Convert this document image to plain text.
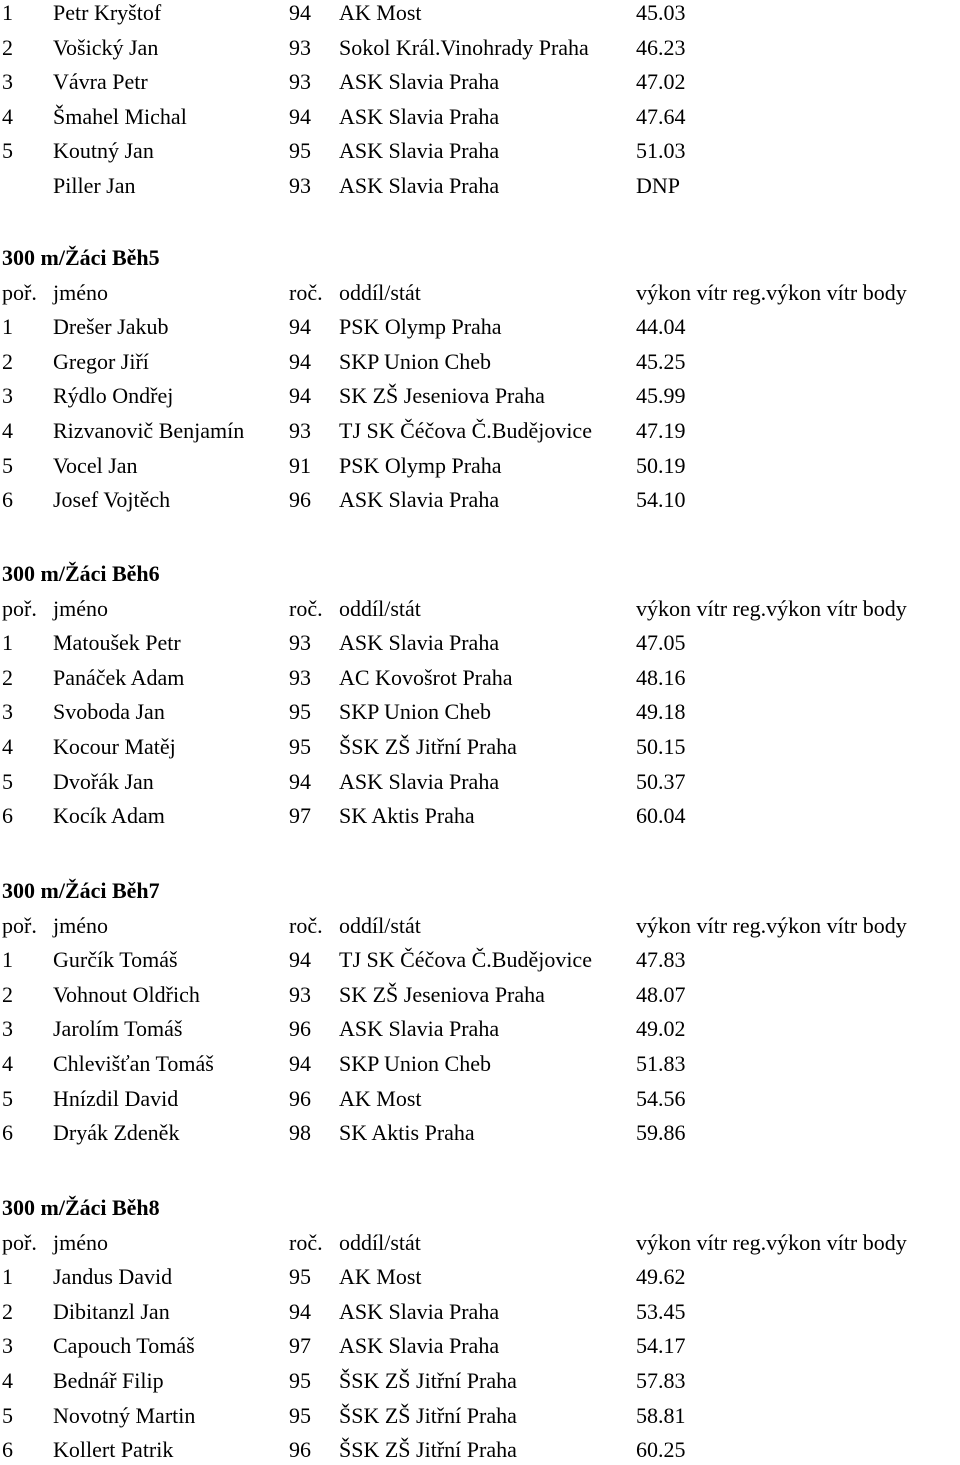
1 Petr Kryštof	94 AK Most	45.03
2 Vošický Jan	93 Sokol Král.Vinohrady Praha 46.23
3 Vávra Petr	93 ASK Slavia Praha	47.02
4 Šmahel Michal	94 ASK Slavia Praha	47.64
5 Koutný Jan	95 ASK Slavia Praha	51.03
Piller Jan	93 ASK Slavia Praha	DNP
300 m/Žáci Běh5
poř. jméno	roč. oddíl/stát	výkon vítr reg.výkon vítr body
1 Drešer Jakub	94 PSK Olymp Praha	44.04
2 Gregor Jiří	94 SKP Union Cheb	45.25
3 Rýdlo Ondřej	94 SK ZŠ Jeseniova Praha	45.99
4 Rizvanovič Benjamín 93 TJ SK Čéčova Č.Budějovice 47.19
5 Vocel Jan	91 PSK Olymp Praha	50.19
6 Josef Vojtěch	96 ASK Slavia Praha	54.10
300 m/Žáci Běh6
poř. jméno	roč. oddíl/stát	výkon vítr reg.výkon vítr body
1 Matoušek Petr	93 ASK Slavia Praha	47.05
2 Panáček Adam	93 AC Kovošrot Praha	48.16
3 Svoboda Jan	95 SKP Union Cheb	49.18
4 Kocour Matěj	95 ŠSK ZŠ Jitřní Praha	50.15
5 Dvořák Jan	94 ASK Slavia Praha	50.37
6 Kocík Adam	97 SK Aktis Praha	60.04
300 m/Žáci Běh7
poř. jméno	roč. oddíl/stát	výkon vítr reg.výkon vítr body
1 Gurčík Tomáš	94 TJ SK Čéčova Č.Budějovice 47.83
2 Vohnout Oldřich	93 SK ZŠ Jeseniova Praha	48.07
3 Jarolím Tomáš	96 ASK Slavia Praha	49.02
4 Chlevišťan Tomáš	94 SKP Union Cheb	51.83
5 Hnízdil David	96 AK Most	54.56
6 Dryák Zdeněk	98 SK Aktis Praha	59.86
300 m/Žáci Běh8
poř. jméno	roč. oddíl/stát	výkon vítr reg.výkon vítr body
1 Jandus David	95 AK Most	49.62
2 Dibitanzl Jan	94 ASK Slavia Praha	53.45
3 Capouch Tomáš	97 ASK Slavia Praha	54.17
4 Bednář Filip	95 ŠSK ZŠ Jitřní Praha	57.83
5 Novotný Martin	95 ŠSK ZŠ Jitřní Praha	58.81
6 Kollert Patrik	96 ŠSK ZŠ Jitřní Praha	60.25
